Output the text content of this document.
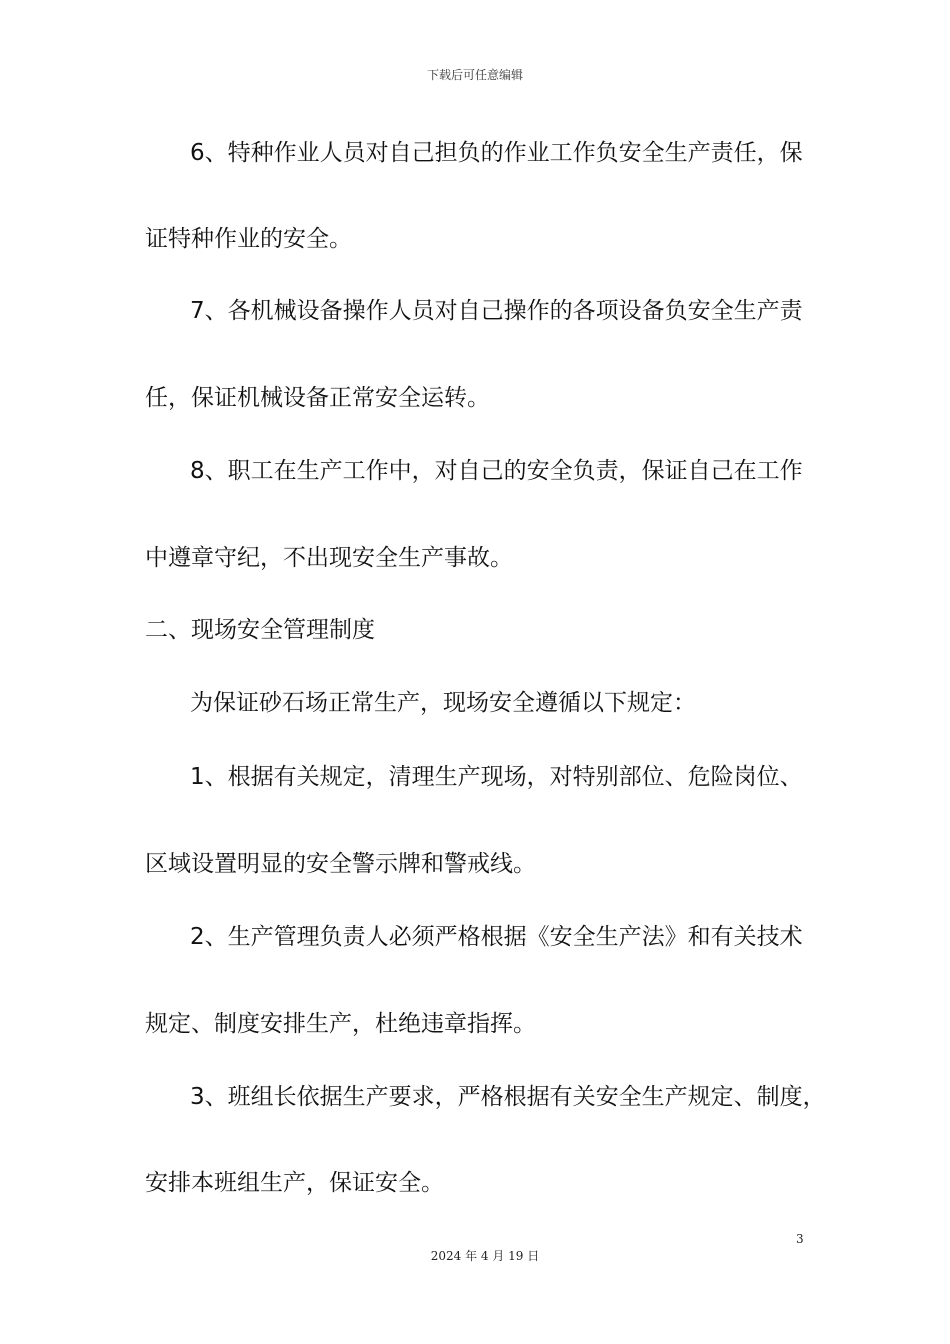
下载后可任意编辑
6、特种作业人员对自己担负的作业工作负安全生产责任，保
证特种作业的安全。
7、各机械设备操作人员对自己操作的各项设备负安全生产责
任，保证机械设备正常安全运转。
8、职工在生产工作中，对自己的安全负责，保证自己在工作
中遵章守纪，不出现安全生产事故。
二、现场安全管理制度
为保证砂石场正常生产，现场安全遵循以下规定：
1、根据有关规定，清理生产现场，对特别部位、危险岗位、
区域设置明显的安全警示牌和警戒线。
2、生产管理负责人必须严格根据《安全生产法》和有关技术
规定、制度安排生产，杜绝违章指挥。
3、班组长依据生产要求，严格根据有关安全生产规定、制度，
安排本班组生产，保证安全。
3
2024 年 4 月 19 日
